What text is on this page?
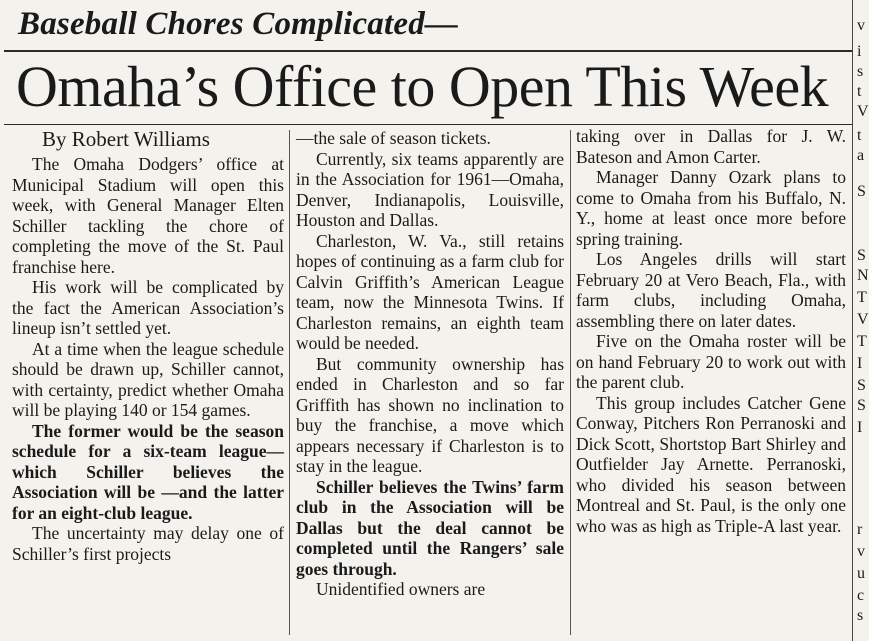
Baseball Chores Complicated—
Omaha’s Office to Open This Week
By Robert Williams

The Omaha Dodgers’ office at Municipal Stadium will open this week, with General Manager Elten Schiller tackling the chore of completing the move of the St. Paul franchise here.

His work will be complicated by the fact the American Association’s lineup isn’t settled yet.

At a time when the league schedule should be drawn up, Schiller cannot, with certainty, predict whether Omaha will be playing 140 or 154 games.

The former would be the season schedule for a six-team league—which Schiller believes the Association will be —and the latter for an eight-club league.

The uncertainty may delay one of Schiller’s first projects

—the sale of season tickets.

Currently, six teams apparently are in the Association for 1961—Omaha, Denver, Indianapolis, Louisville, Houston and Dallas.

Charleston, W. Va., still retains hopes of continuing as a farm club for Calvin Griffith’s American League team, now the Minnesota Twins. If Charleston remains, an eighth team would be needed.

But community ownership has ended in Charleston and so far Griffith has shown no inclination to buy the franchise, a move which appears necessary if Charleston is to stay in the league.

Schiller believes the Twins’ farm club in the Association will be Dallas but the deal cannot be completed until the Rangers’ sale goes through.

Unidentified owners are

taking over in Dallas for J. W. Bateson and Amon Carter.

Manager Danny Ozark plans to come to Omaha from his Buffalo, N. Y., home at least once more before spring training.

Los Angeles drills will start February 20 at Vero Beach, Fla., with farm clubs, including Omaha, assembling there on later dates.

Five on the Omaha roster will be on hand February 20 to work out with the parent club.

This group includes Catcher Gene Conway, Pitchers Ron Perranoski and Dick Scott, Shortstop Bart Shirley and Outfielder Jay Arnette. Perranoski, who divided his season between Montreal and St. Paul, is the only one who was as high as Triple-A last year.

v
i
s
t
V
t
a
S
S
N
T
V
T
I
S
S
I
r
v
u
c
s
